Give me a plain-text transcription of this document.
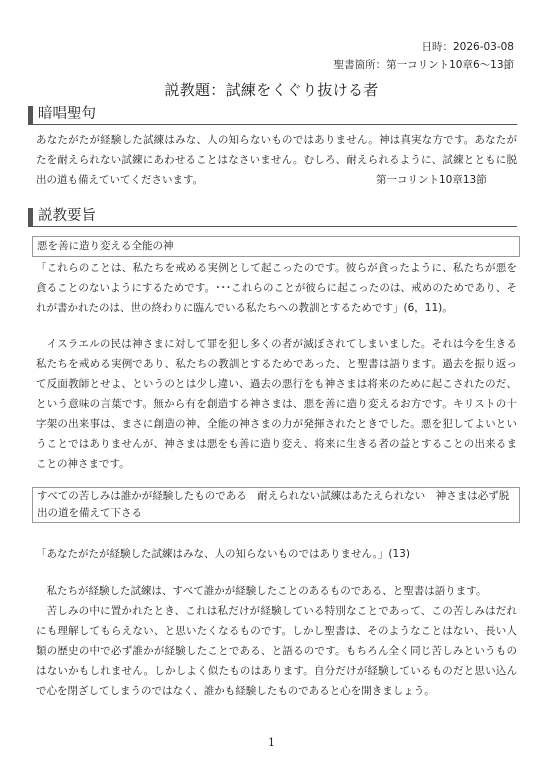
日時：2026-03-08
聖書箇所：第一コリント10章6～13節
説教題：試練をくぐり抜ける者
暗唱聖句
あなたがたが経験した試練はみな、人の知らないものではありません。神は真実な方です。あなたがたを耐えられない試練にあわせることはなさいません。むしろ、耐えられるように、試練とともに脱出の道も備えていてくださいます。	第一コリント10章13節
説教要旨
悪を善に造り変える全能の神
「これらのことは、私たちを戒める実例として起こったのです。彼らが貪ったように、私たちが悪を貪ることのないようにするためです。･･･これらのことが彼らに起こったのは、戒めのためであり、それが書かれたのは、世の終わりに臨んでいる私たちへの教訓とするためです」(6，11)。
イスラエルの民は神さまに対して罪を犯し多くの者が滅ぼされてしまいました。それは今を生きる私たちを戒める実例であり、私たちの教訓とするためであった、と聖書は語ります。過去を振り返って反面教師とせよ、というのとは少し違い、過去の悪行をも神さまは将来のために起こされたのだ、という意味の言葉です。無から有を創造する神さまは、悪を善に造り変えるお方です。キリストの十字架の出来事は、まさに創造の神、全能の神さまの力が発揮されたときでした。悪を犯してよいということではありませんが、神さまは悪をも善に造り変え、将来に生きる者の益とすることの出来るまことの神さまです。
すべての苦しみは誰かが経験したものである　耐えられない試練はあたえられない　神さまは必ず脱出の道を備えて下さる
「あなたがたが経験した試練はみな、人の知らないものではありません。」(13)
私たちが経験した試練は、すべて誰かが経験したことのあるものである、と聖書は語ります。
苦しみの中に置かれたとき、これは私だけが経験している特別なことであって、この苦しみはだれにも理解してもらえない、と思いたくなるものです。しかし聖書は、そのようなことはない、長い人類の歴史の中で必ず誰かが経験したことである、と語るのです。もちろん全く同じ苦しみというものはないかもしれません。しかしよく似たものはあります。自分だけが経験しているものだと思い込んで心を閉ざしてしまうのではなく、誰かも経験したものであると心を開きましょう。
1
